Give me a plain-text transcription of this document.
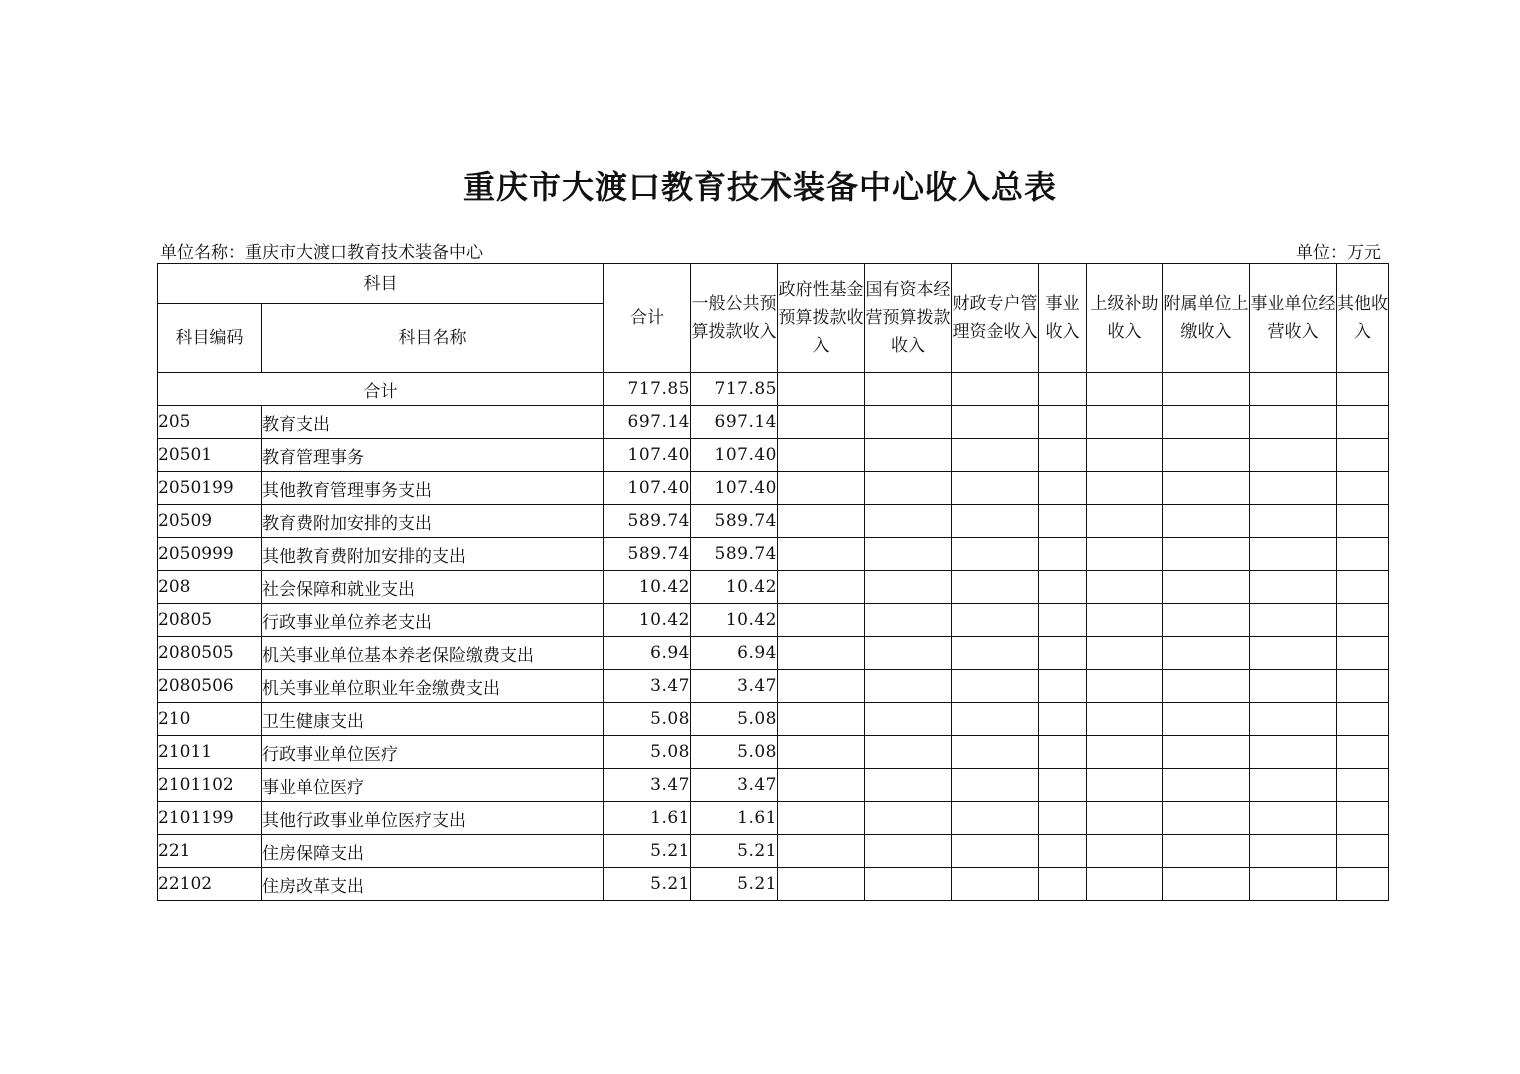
重庆市大渡口教育技术装备中心收入总表
单位名称：重庆市大渡口教育技术装备中心	单位：万元
科目		合计	一般公共预算拨款收入	政府性基金预算拨款收入	国有资本经营预算拨款收入	财政专户管理资金收入	事业收入	上级补助收入	附属单位上缴收入	事业单位经营收入	其他收入
科目编码	科目名称										
合计		717.85	717.85								
205	教育支出	697.14	697.14								
20501	教育管理事务	107.40	107.40								
2050199	其他教育管理事务支出	107.40	107.40								
20509	教育费附加安排的支出	589.74	589.74								
2050999	其他教育费附加安排的支出	589.74	589.74								
208	社会保障和就业支出	10.42	10.42								
20805	行政事业单位养老支出	10.42	10.42								
2080505	机关事业单位基本养老保险缴费支出	6.94	6.94								
2080506	机关事业单位职业年金缴费支出	3.47	3.47								
210	卫生健康支出	5.08	5.08								
21011	行政事业单位医疗	5.08	5.08								
2101102	事业单位医疗	3.47	3.47								
2101199	其他行政事业单位医疗支出	1.61	1.61								
221	住房保障支出	5.21	5.21								
22102	住房改革支出	5.21	5.21								
